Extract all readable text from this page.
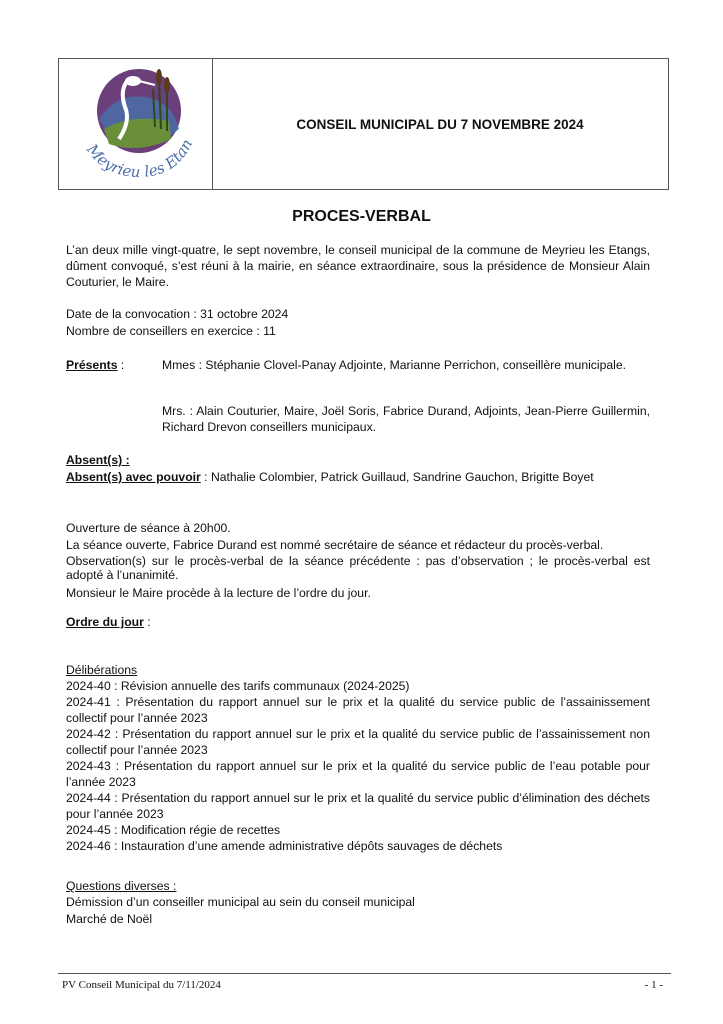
Meyrieu les Etan
CONSEIL MUNICIPAL DU 7 NOVEMBRE 2024
PROCES-VERBAL

L’an deux mille vingt-quatre, le sept novembre, le conseil municipal de la commune de Meyrieu les Etangs, dûment convoqué, s’est réuni à la mairie, en séance extraordinaire, sous la présidence de Monsieur Alain Couturier, le Maire.

Date de la convocation : 31 octobre 2024

Nombre de conseillers en exercice : 11

Présents :	Mmes : Stéphanie Clovel-Panay Adjointe, Marianne Perrichon, conseillère municipale.

Mrs. : Alain Couturier, Maire, Joël Soris, Fabrice Durand, Adjoints, Jean-Pierre Guillermin, Richard Drevon conseillers municipaux.

Absent(s) :

Absent(s) avec pouvoir : Nathalie Colombier, Patrick Guillaud, Sandrine Gauchon, Brigitte Boyet

Ouverture de séance à 20h00.

La séance ouverte, Fabrice Durand est nommé secrétaire de séance et rédacteur du procès-verbal.

Observation(s) sur le procès-verbal de la séance précédente : pas d’observation ; le procès-verbal est adopté à l’unanimité.

Monsieur le Maire procède à la lecture de l’ordre du jour.

Ordre du jour :

Délibérations

2024-40 : Révision annuelle des tarifs communaux (2024-2025)
2024-41 : Présentation du rapport annuel sur le prix et la qualité du service public de l’assainissement collectif pour l’année 2023
2024-42 : Présentation du rapport annuel sur le prix et la qualité du service public de l’assainissement non collectif pour l’année 2023
2024-43 : Présentation du rapport annuel sur le prix et la qualité du service public de l’eau potable pour l’année 2023
2024-44 : Présentation du rapport annuel sur le prix et la qualité du service public d’élimination des déchets pour l’année 2023
2024-45 : Modification régie de recettes
2024-46 : Instauration d’une amende administrative dépôts sauvages de déchets

Questions diverses :

Démission d’un conseiller municipal au sein du conseil municipal

Marché de Noël

PV Conseil Municipal du 7/11/2024	- 1 -
